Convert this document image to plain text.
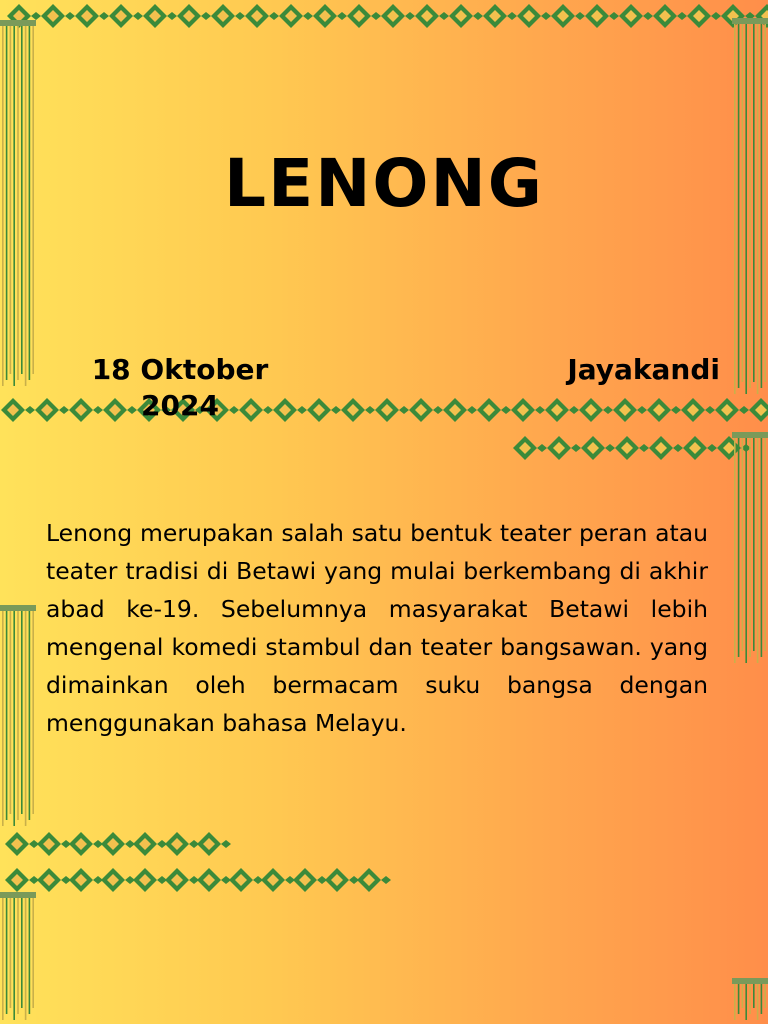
LENONG
18 Oktober 2024
Jayakandi

Lenong merupakan salah satu bentuk teater peran atau teater tradisi di Betawi yang mulai berkembang di akhir abad ke-19. Sebelumnya masyarakat Betawi lebih mengenal komedi stambul dan teater bangsawan. yang dimainkan oleh bermacam suku bangsa dengan menggunakan bahasa Melayu.
